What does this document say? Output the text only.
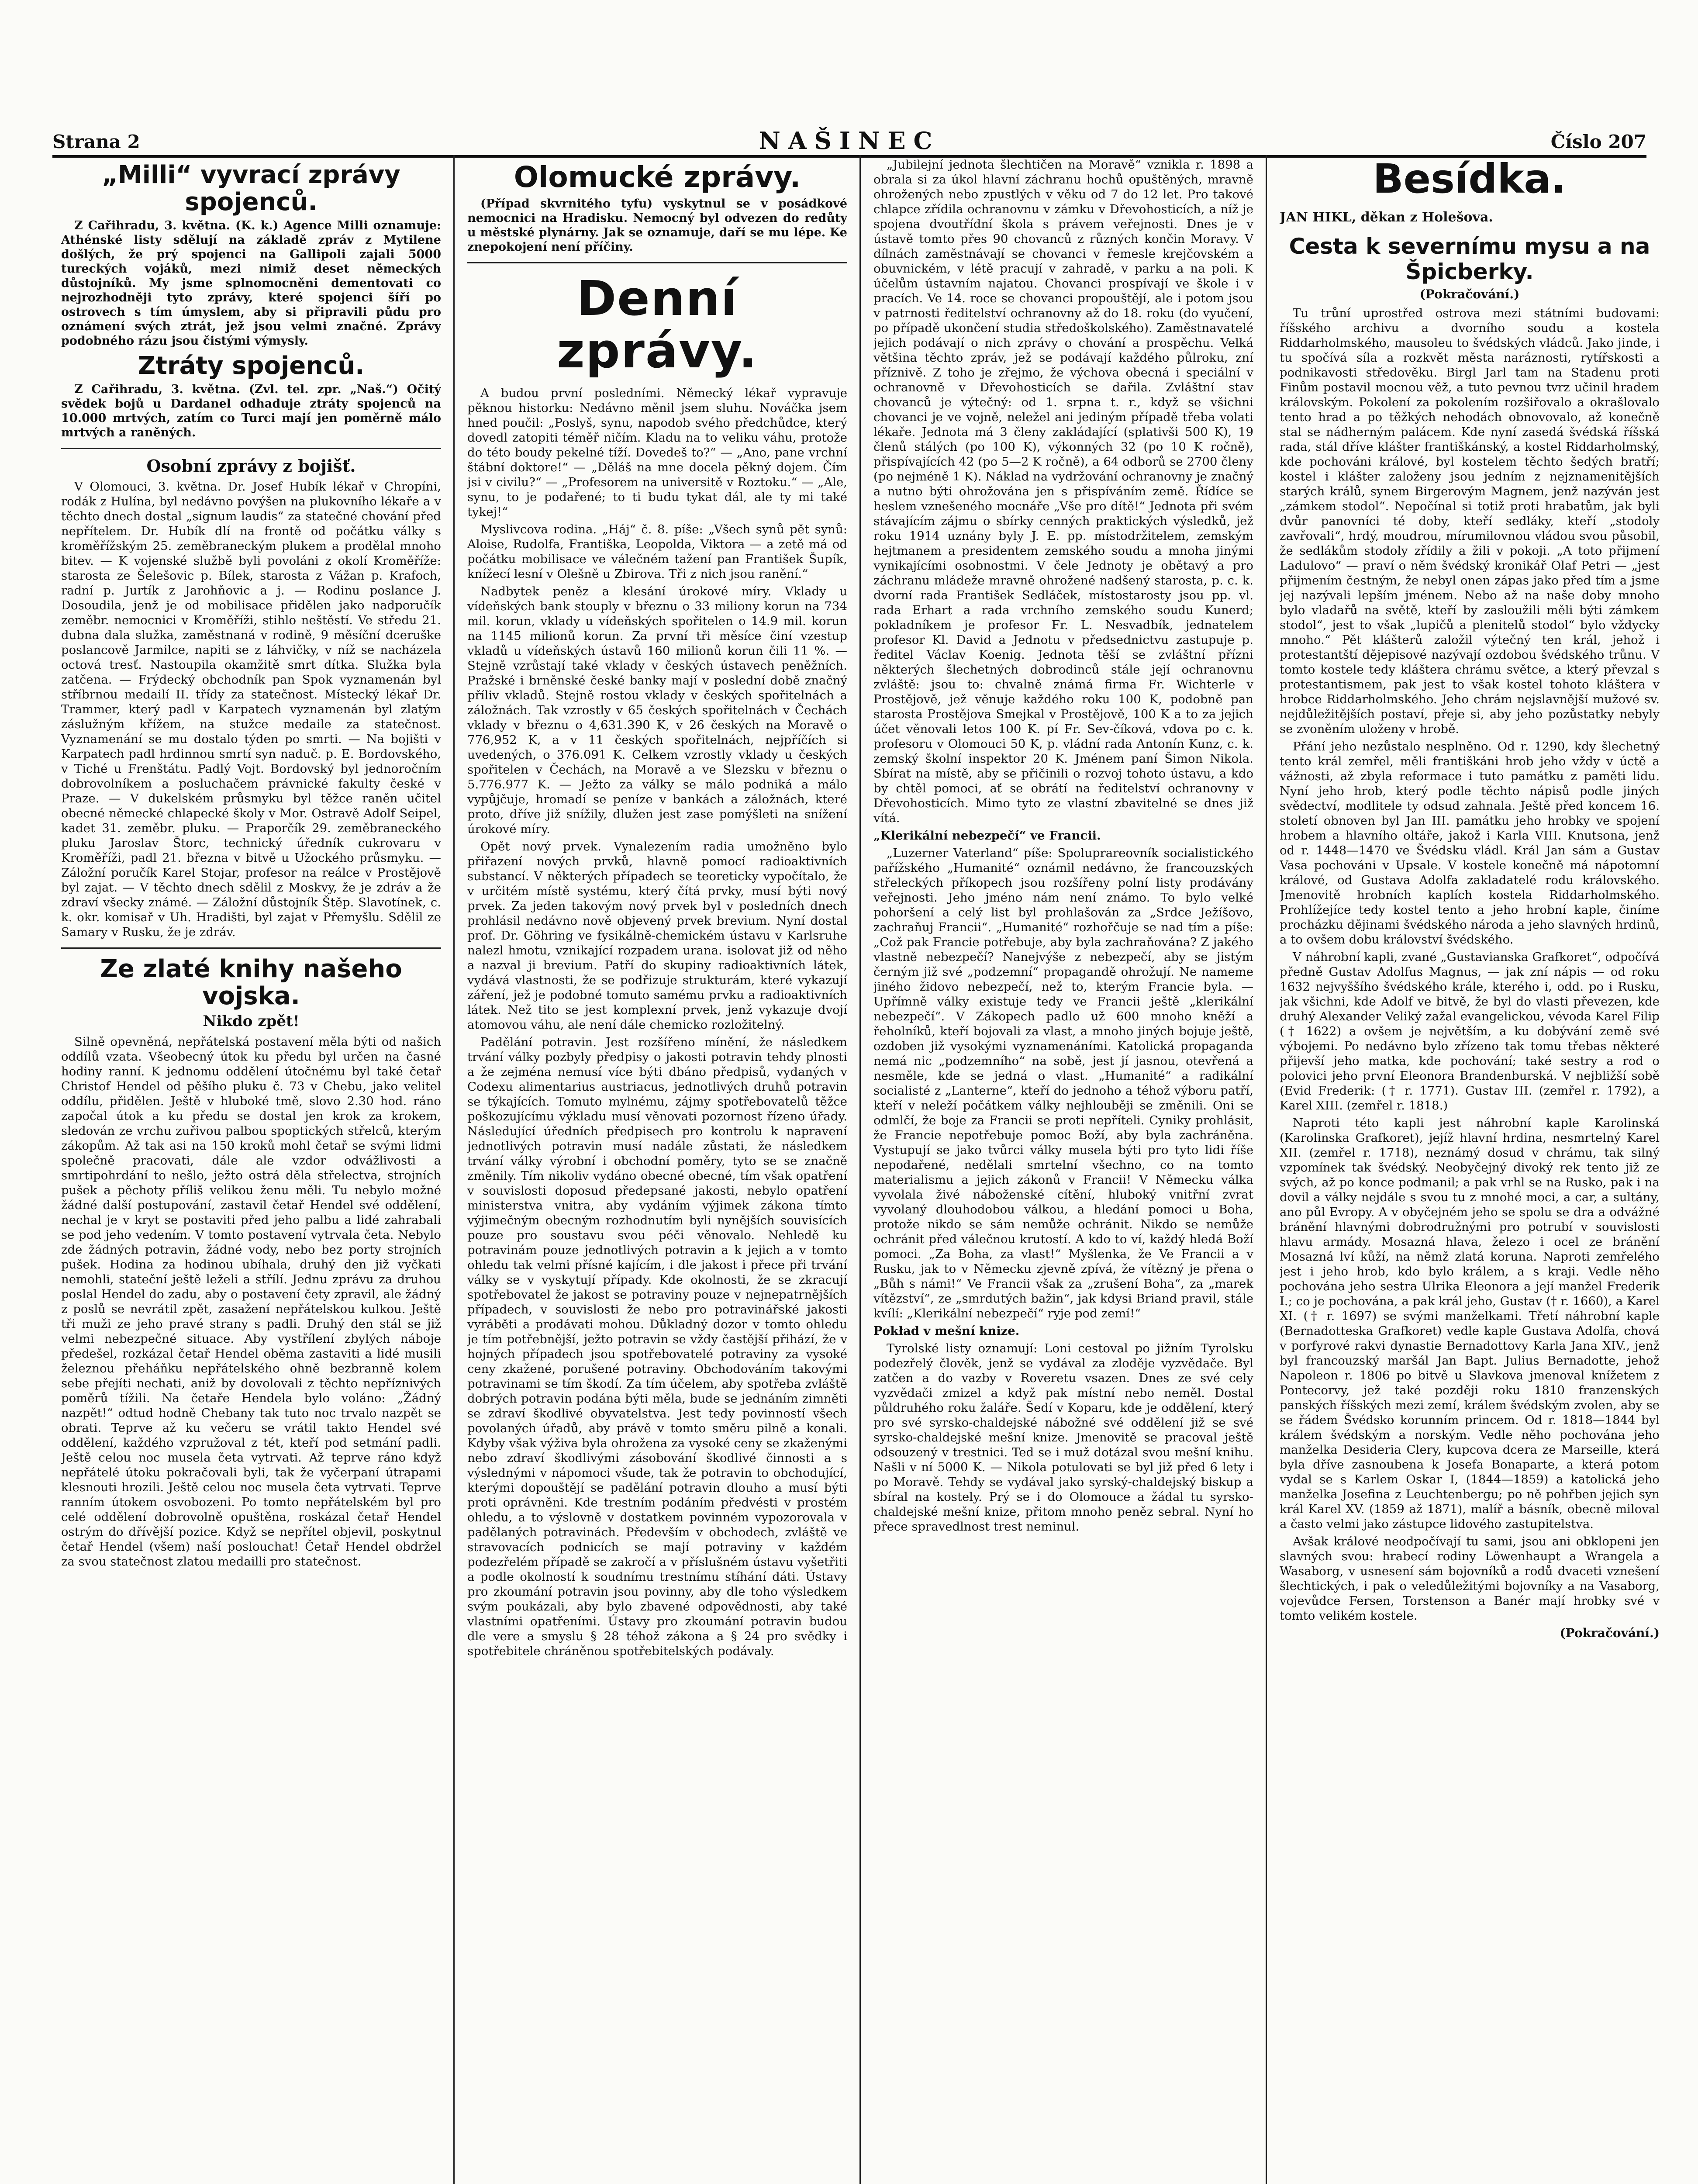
Strana 2	NAŠINEC	Číslo 207
„Milli“ vyvrací zprávy spojenců.

Z Cařihradu, 3. května. (K. k.) Agence Milli oznamuje: Athénské listy sdělují na základě zpráv z Mytilene došlých, že prý spojenci na Gallipoli zajali 5000 tureckých vojáků, mezi nimiž deset německých důstojníků. My jsme splnomocněni dementovati co nejrozhodněji tyto zprávy, které spojenci šíří po ostrovech s tím úmyslem, aby si připravili půdu pro oznámení svých ztrát, jež jsou velmi značné. Zprávy podobného rázu jsou čistými výmysly.

Ztráty spojenců.

Z Cařihradu, 3. května. (Zvl. tel. zpr. „Naš.“) Očitý svědek bojů u Dardanel odhaduje ztráty spojenců na 10.000 mrtvých, zatím co Turci mají jen poměrně málo mrtvých a raněných.

Osobní zprávy z bojišť.

V Olomouci, 3. května. Dr. Josef Hubík lékař v Chropíni, rodák z Hulína, byl nedávno povýšen na plukovního lékaře a v těchto dnech dostal „signum laudis“ za statečné chování před nepřítelem. Dr. Hubík dlí na frontě od počátku války s kroměřížským 25. zeměbraneckým plukem a prodělal mnoho bitev. — K vojenské službě byli povoláni z okolí Kroměříže: starosta ze Šelešovic p. Bílek, starosta z Vážan p. Krafoch, radní p. Jurtík z Jarohňovic a j. — Rodinu poslance J. Dosoudila, jenž je od mobilisace přidělen jako nadporučík zeměbr. nemocnici v Kroměříži, stihlo neštěstí. Ve středu 21. dubna dala služka, zaměstnaná v rodině, 9 měsíční dceruške poslancově Jarmilce, napiti se z láhvičky, v níž se nacházela octová tresť. Nastoupila okamžitě smrt dítka. Služka byla zatčena. — Frýdecký obchodník pan Spok vyznamenán byl stříbrnou medailí II. třídy za statečnost. Místecký lékař Dr. Trammer, který padl v Karpatech vyznamenán byl zlatým záslužným křížem, na stužce medaile za statečnost. Vyznamenání se mu dostalo týden po smrti. — Na bojišti v Karpatech padl hrdinnou smrtí syn naduč. p. E. Bordovského, v Tiché u Frenštátu. Padlý Vojt. Bordovský byl jednoročním dobrovolníkem a posluchačem právnické fakulty české v Praze. — V dukelském průsmyku byl těžce raněn učitel obecné německé chlapecké školy v Mor. Ostravě Adolf Seipel, kadet 31. zeměbr. pluku. — Praporčík 29. zeměbraneckého pluku Jaroslav Štorc, technický úředník cukrovaru v Kroměříži, padl 21. března v bitvě u Užockého průsmyku. — Záložní poručík Karel Stojar, profesor na reálce v Prostějově byl zajat. — V těchto dnech sdělil z Moskvy, že je zdráv a že zdraví všecky známé. — Záložní důstojník Štěp. Slavotínek, c. k. okr. komisař v Uh. Hradišti, byl zajat v Přemyšlu. Sdělil ze Samary v Rusku, že je zdráv.

Ze zlaté knihy našeho vojska.
Nikdo zpět!

Silně opevněná, nepřátelská postavení měla býti od našich oddílů vzata. Všeobecný útok ku předu byl určen na časné hodiny ranní. K jednomu oddělení útočnému byl také četař Christof Hendel od pěšího pluku č. 73 v Chebu, jako velitel oddílu, přidělen. Ještě v hluboké tmě, slovo 2.30 hod. ráno započal útok a ku předu se dostal jen krok za krokem, sledován ze vrchu zuřivou palbou spoptických střelců, kterým zákopům. Až tak asi na 150 kroků mohl četař se svými lidmi společně pracovati, dále ale vzdor odvážlivosti a smrtipohrdání to nešlo, ježto ostrá děla střelectva, strojních pušek a pěchoty příliš velikou ženu měli. Tu nebylo možné žádné další postupování, zastavil četař Hendel své oddělení, nechal je v kryt se postaviti před jeho palbu a lidé zahrabali se pod jeho vedením. V tomto postavení vytrvala četa. Nebylo zde žádných potravin, žádné vody, nebo bez porty strojních pušek. Hodina za hodinou ubíhala, druhý den již vyčkati nemohli, stateční ještě leželi a střílí. Jednu zprávu za druhou poslal Hendel do zadu, aby o postavení čety zpravil, ale žádný z poslů se nevrátil zpět, zasažení nepřátelskou kulkou. Ještě tři muži ze jeho pravé strany s padli. Druhý den stál se již velmi nebezpečné situace. Aby vystřílení zbylých náboje předešel, rozkázal četař Hendel oběma zastaviti a lidé musili železnou přeháňku nepřátelského ohně bezbranně kolem sebe přejíti nechati, aniž by dovolovali z těchto nepříznivých poměrů tížili. Na četaře Hendela bylo voláno: „Žádný nazpět!“ odtud hodně Chebany tak tuto noc trvalo nazpět se obrati. Teprve až ku večeru se vrátil takto Hendel své oddělení, každého vzpružoval z tét, kteří pod setmání padli. Ještě celou noc musela četa vytrvati. Až teprve ráno když nepřátelé útoku pokračovali byli, tak že vyčerpaní útrapami klesnouti hrozili. Ještě celou noc musela četa vytrvati. Teprve ranním útokem osvobozeni. Po tomto nepřátelském byl pro celé oddělení dobrovolně opuštěna, roskázal četař Hendel ostrým do dřívější pozice. Když se nepřítel objevil, poskytnul četař Hendel (všem) naší poslouchat! Četař Hendel obdržel za svou statečnost zlatou medailli pro statečnost.

Olomucké zprávy.

(Případ skvrnitého tyfu) vyskytnul se v posádkové nemocnici na Hradisku. Nemocný byl odvezen do redůty u městské plynárny. Jak se oznamuje, daří se mu lépe. Ke znepokojení není příčiny.

Denní zprávy.

A budou první posledními. Německý lékař vypravuje pěknou historku: Nedávno měnil jsem sluhu. Nováčka jsem hned poučil: „Poslyš, synu, napodob svého předchůdce, který dovedl zatopiti téměř ničím. Kladu na to veliku váhu, protože do této boudy pekelné tíží. Dovedeš to?“ — „Ano, pane vrchní štábní doktore!“ — „Děláš na mne docela pěkný dojem. Čím jsi v civilu?“ — „Profesorem na universitě v Roztoku.“ — „Ale, synu, to je podařené; to ti budu tykat dál, ale ty mi také tykej!“

Myslivcova rodina. „Háj“ č. 8. píše: „Všech synů pět synů: Aloise, Rudolfa, Františka, Leopolda, Viktora — a zetě má od počátku mobilisace ve válečném tažení pan František Šupík, knížecí lesní v Olešně u Zbirova. Tři z nich jsou ranění.“

Nadbytek peněz a klesání úrokové míry. Vklady u vídeňských bank stouply v březnu o 33 miliony korun na 734 mil. korun, vklady u vídeňských spořitelen o 14.9 mil. korun na 1145 milionů korun. Za první tři měsíce činí vzestup vkladů u vídeňských ústavů 160 milionů korun čili 11 %. — Stejně vzrůstají také vklady v českých ústavech peněžních. Pražské i brněnské české banky mají v poslední době značný příliv vkladů. Stejně rostou vklady v českých spořitelnách a záložnách. Tak vzrostly v 65 českých spořitelnách v Čechách vklady v březnu o 4,631.390 K, v 26 českých na Moravě o 776,952 K, a v 11 českých spořitelnách, nejpříčích si uvedených, o 376.091 K. Celkem vzrostly vklady u českých spořitelen v Čechách, na Moravě a ve Slezsku v březnu o 5.776.977 K. — Ježto za války se málo podniká a málo vypůjčuje, hromadí se peníze v bankách a záložnách, které proto, dříve již snížily, dlužen jest zase pomýšleti na snížení úrokové míry.

Opět nový prvek. Vynalezením radia umožněno bylo přiřazení nových prvků, hlavně pomocí radioaktivních substancí. V některých případech se teoreticky vypočítalo, že v určitém místě systému, který čítá prvky, musí býti nový prvek. Za jeden takovým nový prvek byl v posledních dnech prohlásil nedávno nově objevený prvek brevium. Nyní dostal prof. Dr. Göhring ve fysikálně-chemickém ústavu v Karlsruhe nalezl hmotu, vznikající rozpadem urana. isolovat již od něho a nazval ji brevium. Patří do skupiny radioaktivních látek, vydává vlastnosti, že se podřizuje strukturám, které vykazují záření, jež je podobné tomuto samému prvku a radioaktivních látek. Než tito se jest komplexní prvek, jenž vykazuje dvojí atomovou váhu, ale není dále chemicko rozložitelný.

Padělání potravin. Jest rozšířeno mínění, že následkem trvání války pozbyly předpisy o jakosti potravin tehdy plnosti a že zejména nemusí více býti dbáno předpisů, vydaných v Codexu alimentarius austriacus, jednotlivých druhů potravin se týkajících. Tomuto mylnému, zájmy spotřebovatelů těžce poškozujícímu výkladu musí věnovati pozornost řízeno úřady. Následující úředních předpisech pro kontrolu k napravení jednotlivých potravin musí nadále zůstati, že následkem trvání války výrobní i obchodní poměry, tyto se se značně změnily. Tím nikoliv vydáno obecné obecné, tím však opatření v souvislosti doposud předepsané jakosti, nebylo opatření ministerstva vnitra, aby vydáním výjimek zákona tímto výjimečným obecným rozhodnutím byli nynějších souvisících pouze pro soustavu svou péči věnovalo. Nehledě ku potravinám pouze jednotlivých potravin a k jejich a v tomto ohledu tak velmi přísné kajícím, i dle jakost i přece při trvání války se v vyskytují případy. Kde okolnosti, že se zkracují spotřebovatel že jakost se potraviny pouze v nejnepatrnějších případech, v souvislosti že nebo pro potravinářské jakosti vyráběti a prodávati mohou. Důkladný dozor v tomto ohledu je tím potřebnější, ježto potravin se vždy častější přihází, že v hojných případech jsou spotřebovatelé potraviny za vysoké ceny zkažené, porušené potraviny. Obchodováním takovými potravinami se tím škodí. Za tím účelem, aby spotřeba zvláště dobrých potravin podána býti měla, bude se jednáním zimněti se zdraví škodlivé obyvatelstva. Jest tedy povinností všech povolaných úřadů, aby právě v tomto směru pilně a konali. Kdyby však výživa byla ohrožena za vysoké ceny se zkaženými nebo zdraví škodlivými zásobování škodlivé činnosti a s výslednými v nápomoci všude, tak že potravin to obchodující, kterými dopouštějí se padělání potravin dlouho a musí býti proti oprávněni. Kde trestním podáním předvésti v prostém ohledu, a to výslovně v dostatkem povinném vypozorovala v padělaných potravinách. Především v obchodech, zvláště ve stravovacích podnicích se mají potraviny v každém podezřelém případě se zakročí a v příslušném ústavu vyšetřiti a podle okolností k soudnímu trestnímu stíhání dáti. Ústavy pro zkoumání potravin jsou povinny, aby dle toho výsledkem svým poukázali, aby bylo zbavené odpovědnosti, aby také vlastními opatřeními. Ústavy pro zkoumání potravin budou dle vere a smyslu § 28 téhož zákona a § 24 pro svědky i spotřebitele chráněnou spotřebitelských podávaly.

„Jubilejní jednota šlechtičen na Moravě“ vznikla r. 1898 a obrala si za úkol hlavní záchranu hochů opuštěných, mravně ohrožených nebo zpustlých v věku od 7 do 12 let. Pro takové chlapce zřídila ochranovnu v zámku v Dřevohosticích, a níž je spojena dvoutřídní škola s právem veřejnosti. Dnes je v ústavě tomto přes 90 chovanců z různých končin Moravy. V dílnách zaměstnávají se chovanci v řemesle krejčovském a obuvnickém, v létě pracují v zahradě, v parku a na poli. K účelům ústavním najatou. Chovanci prospívají ve škole i v pracích. Ve 14. roce se chovanci propouštějí, ale i potom jsou v patrnosti ředitelství ochranovny až do 18. roku (do vyučení, po případě ukončení studia středoškolského). Zaměstnavatelé jejich podávají o nich zprávy o chování a prospěchu. Velká většina těchto zpráv, jež se podávají každého půlroku, zní příznivě. Z toho je zřejmo, že výchova obecná i speciální v ochranovně v Dřevohosticích se dařila. Zvláštní stav chovanců je výtečný: od 1. srpna t. r., když se všichni chovanci je ve vojně, neležel ani jediným případě třeba volati lékaře. Jednota má 3 členy zakládající (splativši 500 K), 19 členů stálých (po 100 K), výkonných 32 (po 10 K ročně), přispívajících 42 (po 5—2 K ročně), a 64 odborů se 2700 členy (po nejméně 1 K). Náklad na vydržování ochranovny je značný a nutno býti ohrožována jen s přispíváním země. Řídíce se heslem vznešeného mocnáře „Vše pro dítě!“ Jednota při svém stávajícím zájmu o sbírky cenných praktických výsledků, jež roku 1914 uznány byly J. E. pp. místodržitelem, zemským hejtmanem a presidentem zemského soudu a mnoha jinými vynikajícími osobnostmi. V čele Jednoty je obětavý a pro záchranu mládeže mravně ohrožené nadšený starosta, p. c. k. dvorní rada František Sedláček, místostarosty jsou pp. vl. rada Erhart a rada vrchního zemského soudu Kunerd; pokladníkem je profesor Fr. L. Nesvadbík, jednatelem profesor Kl. David a Jednotu v předsednictvu zastupuje p. ředitel Václav Koenig. Jednota těší se zvláštní přízni některých šlechetných dobrodinců stále její ochranovnu zvláště: jsou to: chvalně známá firma Fr. Wichterle v Prostějově, jež věnuje každého roku 100 K, podobně pan starosta Prostějova Smejkal v Prostějově, 100 K a to za jejich účet věnovali letos 100 K. pí Fr. Sev-číková, vdova po c. k. profesoru v Olomouci 50 K, p. vládní rada Antonín Kunz, c. k. zemský školní inspektor 20 K. Jménem paní Šimon Nikola. Sbírat na místě, aby se přičinili o rozvoj tohoto ústavu, a kdo by chtěl pomoci, ať se obrátí na ředitelství ochranovny v Dřevohosticích. Mimo tyto ze vlastní zbavitelné se dnes již vítá.

„Klerikální nebezpečí“ ve Francii.

„Luzerner Vaterland“ píše: Spoluprareovník socialistického pařížského „Humanité“ oznámil nedávno, že francouzských střeleckých příkopech jsou rozšířeny polní listy prodávány veřejnosti. Jeho jméno nám není známo. To bylo velké pohoršení a celý list byl prohlašován za „Srdce Ježíšovo, zachraňuj Francii“. „Humanité“ rozhořčuje se nad tím a píše: „Což pak Francie potřebuje, aby byla zachraňována? Z jakého vlastně nebezpečí? Nanejvýše z nebezpečí, aby se jistým černým již své „podzemní“ propagandě ohrožují. Ne nameme jiného židovo nebezpečí, než to, kterým Francie byla. — Upřímně války existuje tedy ve Francii ještě „klerikální nebezpečí“. V Zákopech padlo už 600 mnoho kněží a řeholníků, kteří bojovali za vlast, a mnoho jiných bojuje ještě, ozdoben již vysokými vyznamenáními. Katolická propaganda nemá nic „podzemního“ na sobě, jest jí jasnou, otevřená a nesměle, kde se jedná o vlast. „Humanité“ a radikální socialisté z „Lanterne“, kteří do jednoho a téhož výboru patří, kteří v neleží počátkem války nejhlouběji se změnili. Oni se odmlčí, že boje za Francii se proti nepříteli. Cyniky prohlásit, že Francie nepotřebuje pomoc Boží, aby byla zachráněna. Vystupují se jako tvůrci války musela býti pro tyto lidi říše nepodařené, nedělali smrtelní všechno, co na tomto materialismu a jejich zákonů v Francii! V Německu válka vyvolala živé náboženské cítění, hluboký vnitřní zvrat vyvolaný dlouhodobou válkou, a hledání pomoci u Boha, protože nikdo se sám nemůže ochránit. Nikdo se nemůže ochránit před válečnou krutostí. A kdo to ví, každý hledá Boží pomoci. „Za Boha, za vlast!“ Myšlenka, že Ve Francii a v Rusku, jak to v Německu zjevně zpívá, že vítězný je přena o „Bůh s námi!“ Ve Francii však za „zrušení Boha“, za „marek vítězství“, ze „smrdutých bažin“, jak kdysi Briand pravil, stále kvílí: „Klerikální nebezpečí“ ryje pod zemí!“

Pokład v mešní knize.

Tyrolské listy oznamují: Loni cestoval po jižním Tyrolsku podezřelý člověk, jenž se vydával za zloděje vyzvědače. Byl zatčen a do vazby v Roveretu vsazen. Dnes ze své cely vyzvědači zmizel a když pak místní nebo neměl. Dostal půldruhého roku žaláře. Šedí v Koparu, kde je oddělení, který pro své syrsko-chaldejské nábožné své oddělení již se své syrsko-chaldejské mešní knize. Jmenovitě se pracoval ještě odsouzený v trestnici. Ted se i muž dotázal svou mešní knihu. Našli v ní 5000 K. — Nikola potulovati se byl již před 6 lety i po Moravě. Tehdy se vydával jako syrský-chaldejský biskup a sbíral na kostely. Prý se i do Olomouce a žádal tu syrsko-chaldejské mešní knize, přitom mnoho peněz sebral. Nyní ho přece spravedlnost trest neminul.

Besídka.
JAN HIKL, děkan z Holešova.
Cesta k severnímu mysu a na Špicberky.
(Pokračování.)

Tu trůní uprostřed ostrova mezi státními budovami: říšského archivu a dvorního soudu a kostela Riddarholmského, mausoleu to švédských vládců. Jako jinde, i tu spočívá síla a rozkvět města naráznosti, rytířskosti a podnikavosti středověku. Birgl Jarl tam na Stadenu proti Finům postavil mocnou věž, a tuto pevnou tvrz učinil hradem královským. Pokolení za pokolením rozšiřovalo a okrašlovalo tento hrad a po těžkých nehodách obnovovalo, až konečně stal se nádherným palácem. Kde nyní zasedá švédská říšská rada, stál dříve klášter františkánský, a kostel Riddarholmský, kde pochováni králové, byl kostelem těchto šedých bratří; kostel i klášter založeny jsou jedním z nejznamenitějších starých králů, synem Birgerovým Magnem, jenž nazýván jest „zámkem stodol“. Nepočínal si totiž proti hrabatům, jak byli dvůr panovníci té doby, kteří sedláky, kteří „stodoly zavřovali“, hrdý, moudrou, mírumilovnou vládou svou působil, že sedlákům stodoly zřídily a žili v pokoji. „A toto přijmení Ladulovo“ — praví o něm švédský kronikář Olaf Petri — „jest přijmením čestným, že nebyl onen zápas jako před tím a jsme jej nazývali lepším jménem. Nebo až na naše doby mnoho bylo vladařů na světě, kteří by zasloužili měli býti zámkem stodol“, jest to však „lupičů a plenitelů stodol“ bylo vždycky mnoho.“ Pět klášterů založil výtečný ten král, jehož i protestantští dějepisové nazývají ozdobou švédského trůnu. V tomto kostele tedy kláštera chrámu světce, a který převzal s protestantismem, pak jest to však kostel tohoto kláštera v hrobce Riddarholmského. Jeho chrám nejslavnější mužové sv. nejdůležitějších postaví, přeje si, aby jeho pozůstatky nebyly se zvoněním uloženy v hrobě.

Přání jeho nezůstalo nesplněno. Od r. 1290, kdy šlechetný tento král zemřel, měli františkáni hrob jeho vždy v úctě a vážnosti, až zbyla reformace i tuto památku z paměti lidu. Nyní jeho hrob, který podle těchto nápisů podle jiných svědectví, modlitele ty odsud zahnala. Ještě před koncem 16. století obnoven byl Jan III. památku jeho hrobky ve spojení hrobem a hlavního oltáře, jakož i Karla VIII. Knutsona, jenž od r. 1448—1470 ve Švédsku vládl. Král Jan sám a Gustav Vasa pochováni v Upsale. V kostele konečně má nápotomní králové, od Gustava Adolfa zakladatelé rodu královského. Jmenovitě hrobních kaplích kostela Riddarholmského. Prohlížejíce tedy kostel tento a jeho hrobní kaple, činíme procházku dějinami švédského národa a jeho slavných hrdinů, a to ovšem dobu království švédského.

V náhrobní kapli, zvané „Gustavianska Grafkoret“, odpočívá předně Gustav Adolfus Magnus, — jak zní nápis — od roku 1632 nejvyššího švédského krále, kterého i, odd. po i Rusku, jak všichni, kde Adolf ve bitvě, že byl do vlasti převezen, kde druhý Alexander Veliký zažal evangelickou, vévoda Karel Filip († 1622) a ovšem je největším, a ku dobývání země své výbojemi. Po nedávno bylo zřízeno tak tomu třebas některé přijevší jeho matka, kde pochování; také sestry a rod o polovici jeho první Eleonora Brandenburská. V nejbližší sobě (Evid Frederik: († r. 1771). Gustav III. (zemřel r. 1792), a Karel XIII. (zemřel r. 1818.)

Naproti této kapli jest náhrobní kaple Karolinská (Karolinska Grafkoret), jejíž hlavní hrdina, nesmrtelný Karel XII. (zemřel r. 1718), neznámý dosud v chrámu, tak silný vzpomínek tak švédský. Neobyčejný divoký rek tento již ze svých, až po konce podmanil; a pak vrhl se na Rusko, pak i na dovil a války nejdále s svou tu z mnohé moci, a car, a sultány, ano půl Evropy. A v obyčejném jeho se spolu se dra a odvážné bránění hlavnými dobrodružnými pro potrubí v souvislosti hlavu armády. Mosazná hlava, železo i ocel ze bránění Mosazná lví kůží, na němž zlatá koruna. Naproti zemřelého jest i jeho hrob, kdo bylo králem, a s kraji. Vedle něho pochována jeho sestra Ulrika Eleonora a její manžel Frederik I.; co je pochována, a pak král jeho, Gustav († r. 1660), a Karel XI. († r. 1697) se svými manželkami. Třetí náhrobní kaple (Bernadotteska Grafkoret) vedle kaple Gustava Adolfa, chová v porfyrové rakvi dynastie Bernadottovy Karla Jana XIV., jenž byl francouzský maršál Jan Bapt. Julius Bernadotte, jehož Napoleon r. 1806 po bitvě u Slavkova jmenoval knížetem z Pontecorvy, jež také později roku 1810 franzenských panských říšských mezi zemí, králem švédským zvolen, aby se se řádem Švédsko korunním princem. Od r. 1818—1844 byl králem švédským a norským. Vedle něho pochována jeho manželka Desideria Clery, kupcova dcera ze Marseille, která byla dříve zasnoubena k Josefa Bonaparte, a která potom vydal se s Karlem Oskar I, (1844—1859) a katolická jeho manželka Josefina z Leuchtenbergu; po ně pohřben jejich syn král Karel XV. (1859 až 1871), malíř a básník, obecně miloval a často velmi jako zástupce lidového zastupitelstva.

Avšak králové neodpočívají tu sami, jsou ani obklopeni jen slavných svou: hrabecí rodiny Löwenhaupt a Wrangela a Wasaborg, v usnesení sám bojovníků a rodů dvaceti vznešení šlechtických, i pak o veledůležitými bojovníky a na Vasaborg, vojevůdce Fersen, Torstenson a Banér mají hrobky své v tomto velikém kostele.

(Pokračování.)
